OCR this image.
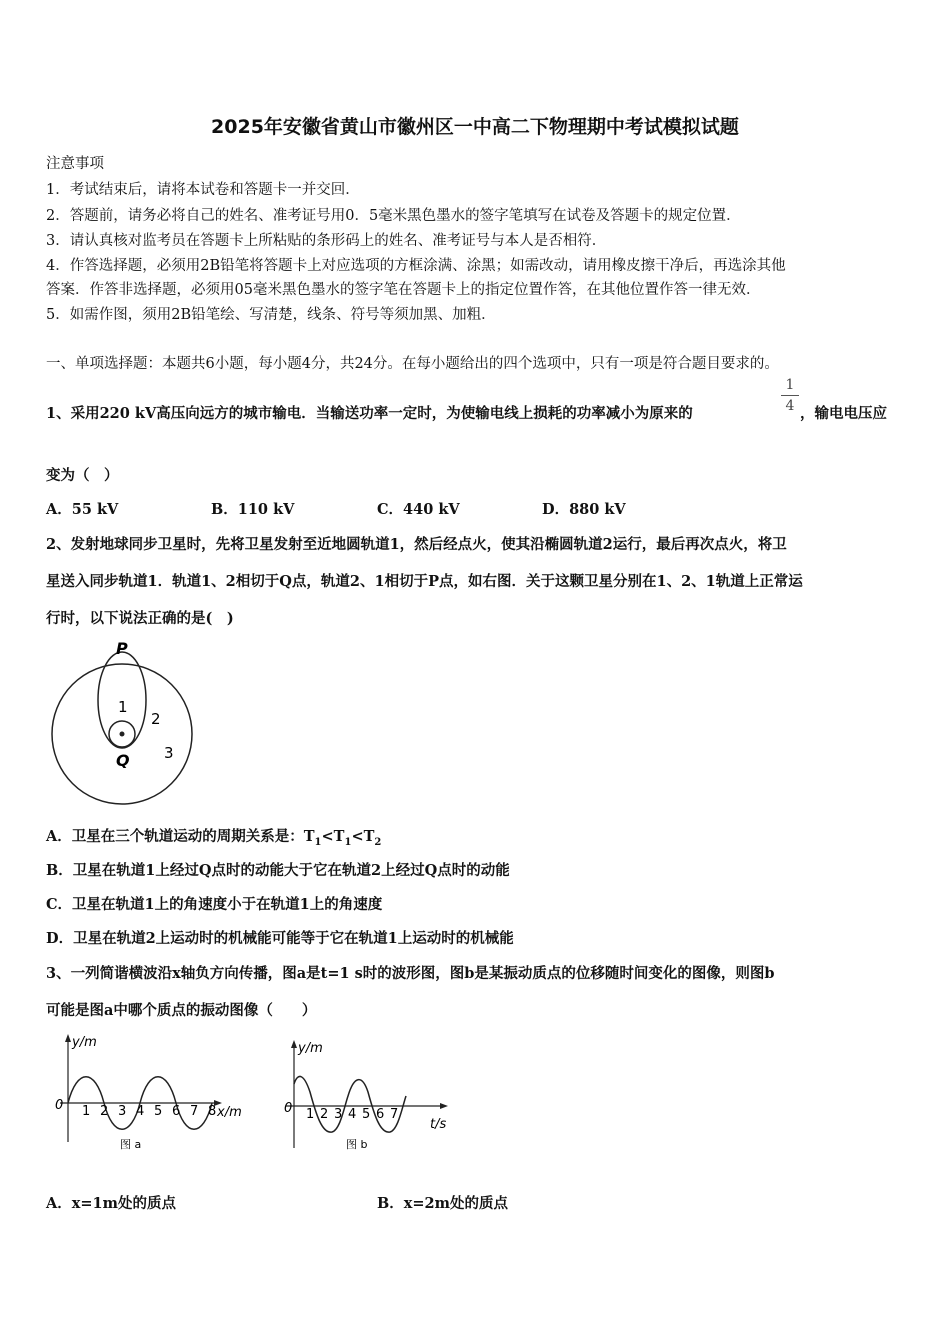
2025年安徽省黄山市徽州区一中高二下物理期中考试模拟试题
注意事项
1．考试结束后，请将本试卷和答题卡一并交回．
2．答题前，请务必将自己的姓名、准考证号用0．5毫米黑色墨水的签字笔填写在试卷及答题卡的规定位置．
3．请认真核对监考员在答题卡上所粘贴的条形码上的姓名、准考证号与本人是否相符．
4．作答选择题，必须用2B铅笔将答题卡上对应选项的方框涂满、涂黑；如需改动，请用橡皮擦干净后，再选涂其他
答案．作答非选择题，必须用05毫米黑色墨水的签字笔在答题卡上的指定位置作答，在其他位置作答一律无效．
5．如需作图，须用2B铅笔绘、写清楚，线条、符号等须加黑、加粗．
一、单项选择题：本题共6小题，每小题4分，共24分。在每小题给出的四个选项中，只有一项是符合题目要求的。
1、采用220 kV高压向远方的城市输电．当输送功率一定时，为使输电线上损耗的功率减小为原来的
1
4 ，输电电压应
变为（　）
A．55 kV	B．110 kV	C．440 kV	D．880 kV
2、发射地球同步卫星时，先将卫星发射至近地圆轨道1，然后经点火，使其沿椭圆轨道2运行，最后再次点火，将卫
星送入同步轨道1．轨道1、2相切于Q点，轨道2、1相切于P点，如右图．关于这颗卫星分别在1、2、1轨道上正常运
行时，以下说法正确的是(　)
P
Q
1
2
3
A．卫星在三个轨道运动的周期关系是：$T_1<T_1<T_2$
B．卫星在轨道1上经过Q点时的动能大于它在轨道2上经过Q点时的动能
C．卫星在轨道1上的角速度小于在轨道1上的角速度
D．卫星在轨道2上运动时的机械能可能等于它在轨道1上运动时的机械能
3、一列简谐横波沿x轴负方向传播，图a是t=1 s时的波形图，图b是某振动质点的位移随时间变化的图像，则图b
可能是图a中哪个质点的振动图像（　　）
y/m
0	x/m
1 2 3 4 5 6 7 8
图 a
y/m
0
t/s
1 2 3 4 5 6 7
图 b
A．x=1m处的质点	B．x=2m处的质点
